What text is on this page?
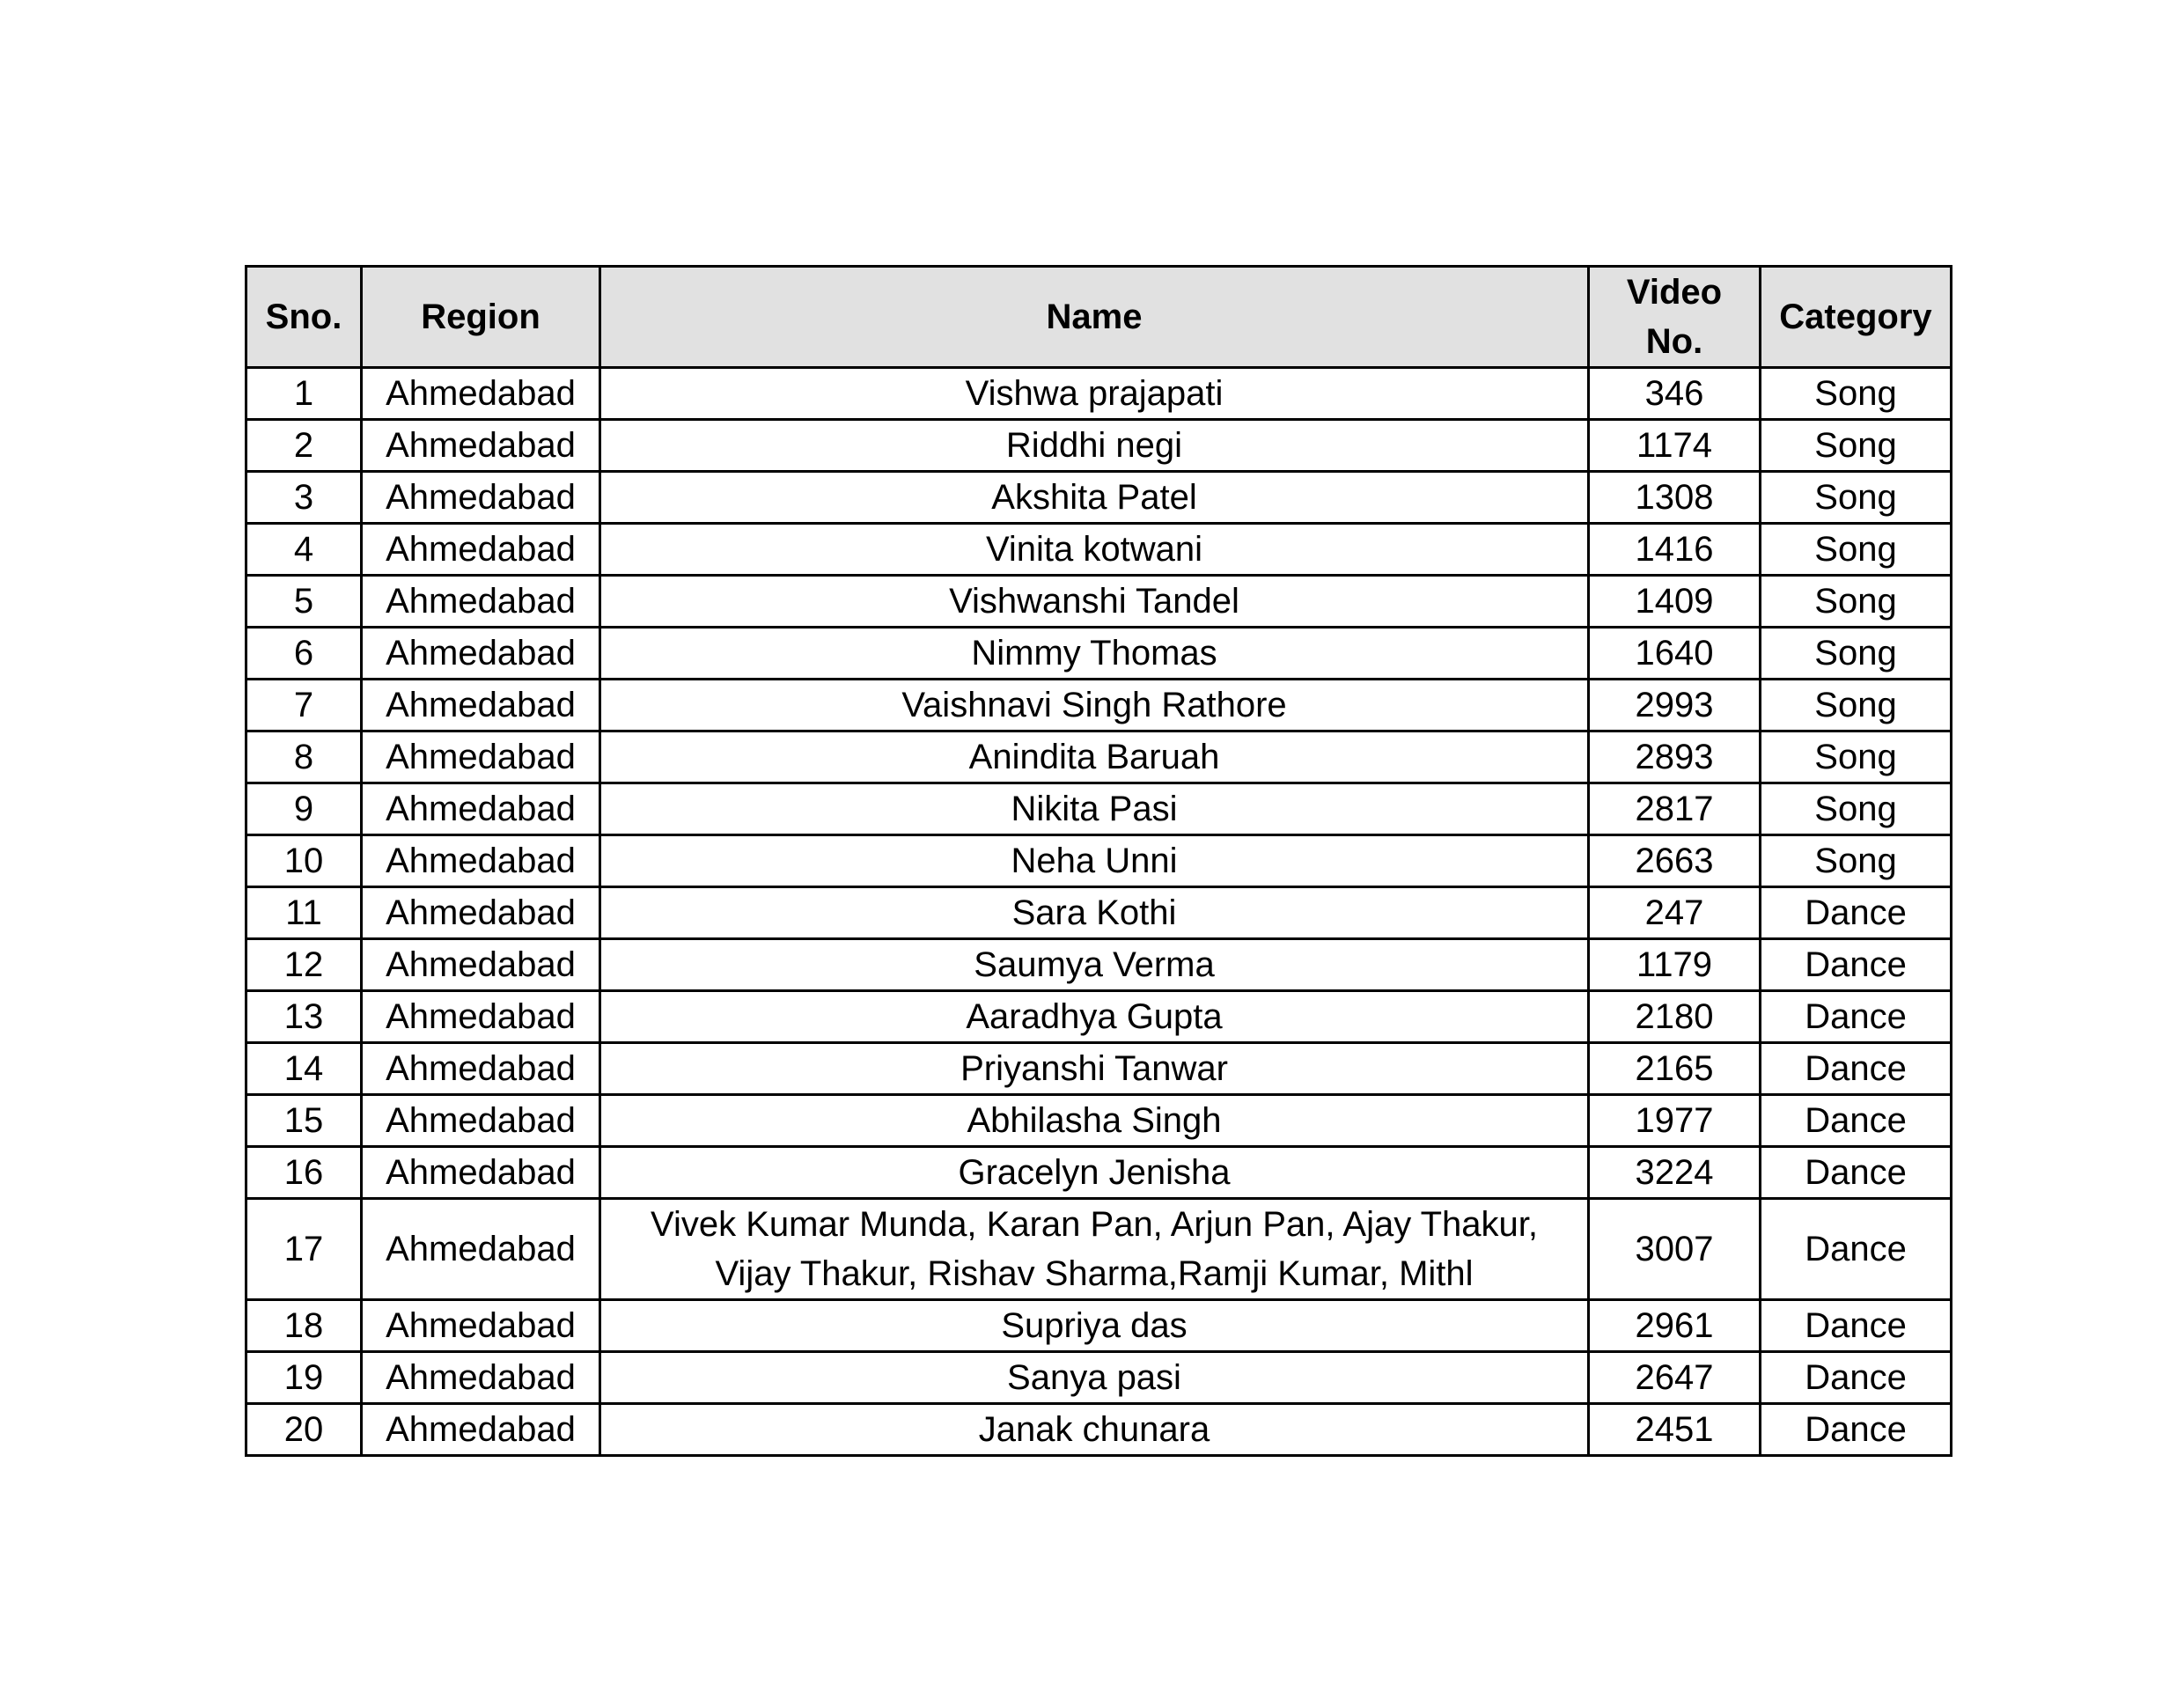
Sno.	Region	Name	Video No.	Category
1	Ahmedabad	Vishwa prajapati	346	Song
2	Ahmedabad	Riddhi negi	1174	Song
3	Ahmedabad	Akshita Patel	1308	Song
4	Ahmedabad	Vinita kotwani	1416	Song
5	Ahmedabad	Vishwanshi Tandel	1409	Song
6	Ahmedabad	Nimmy Thomas	1640	Song
7	Ahmedabad	Vaishnavi Singh Rathore	2993	Song
8	Ahmedabad	Anindita Baruah	2893	Song
9	Ahmedabad	Nikita Pasi	2817	Song
10	Ahmedabad	Neha Unni	2663	Song
11	Ahmedabad	Sara Kothi	247	Dance
12	Ahmedabad	Saumya Verma	1179	Dance
13	Ahmedabad	Aaradhya Gupta	2180	Dance
14	Ahmedabad	Priyanshi Tanwar	2165	Dance
15	Ahmedabad	Abhilasha Singh	1977	Dance
16	Ahmedabad	Gracelyn Jenisha	3224	Dance
17	Ahmedabad	Vivek Kumar Munda, Karan Pan, Arjun Pan, Ajay Thakur, Vijay Thakur, Rishav Sharma,Ramji Kumar, Mithl	3007	Dance
18	Ahmedabad	Supriya das	2961	Dance
19	Ahmedabad	Sanya pasi	2647	Dance
20	Ahmedabad	Janak chunara	2451	Dance
